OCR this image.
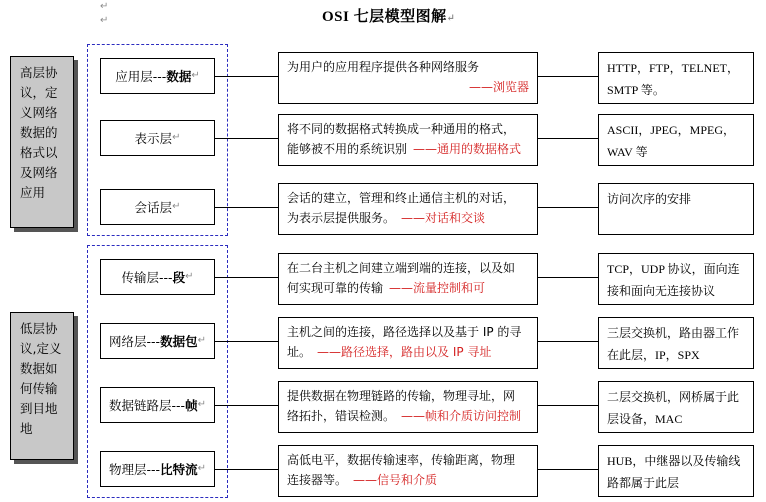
↵
↵	OSI 七层模型图解↵
高层协
议，定
义网络
数据的
格式以
及网络
应用
低层协
议,定义
数据如
何传输
到目地
地
应用层 --- 数据 ↵
为用户的应用程序提供各种网络服务
——浏览器
HTTP，FTP，TELNET，
SMTP 等。
表示层 ↵
将不同的数据格式转换成一种通用的格式，
能够被不用的系统识别 ——通用的数据格式
ASCII，JPEG，MPEG，
WAV 等
会话层 ↵
会话的建立，管理和终止通信主机的对话，
为表示层提供服务。 ——对话和交谈
访问次序的安排
传输层 --- 段 ↵
在二台主机之间建立端到端的连接，以及如
何实现可靠的传输 ——流量控制和可
TCP，UDP 协议，面向连
接和面向无连接协议
网络层 --- 数据包 ↵
主机之间的连接，路径选择以及基于 IP 的寻
址。 ——路径选择，路由以及 IP 寻址
三层交换机，路由器工作
在此层，IP，SPX
数据链路层 --- 帧 ↵
提供数据在物理链路的传输，物理寻址，网
络拓扑，错误检测。 ——帧和介质访问控制
二层交换机，网桥属于此
层设备，MAC
物理层 --- 比特流 ↵
高低电平，数据传输速率，传输距离，物理
连接器等。 ——信号和介质
HUB，中继器以及传输线
路都属于此层
